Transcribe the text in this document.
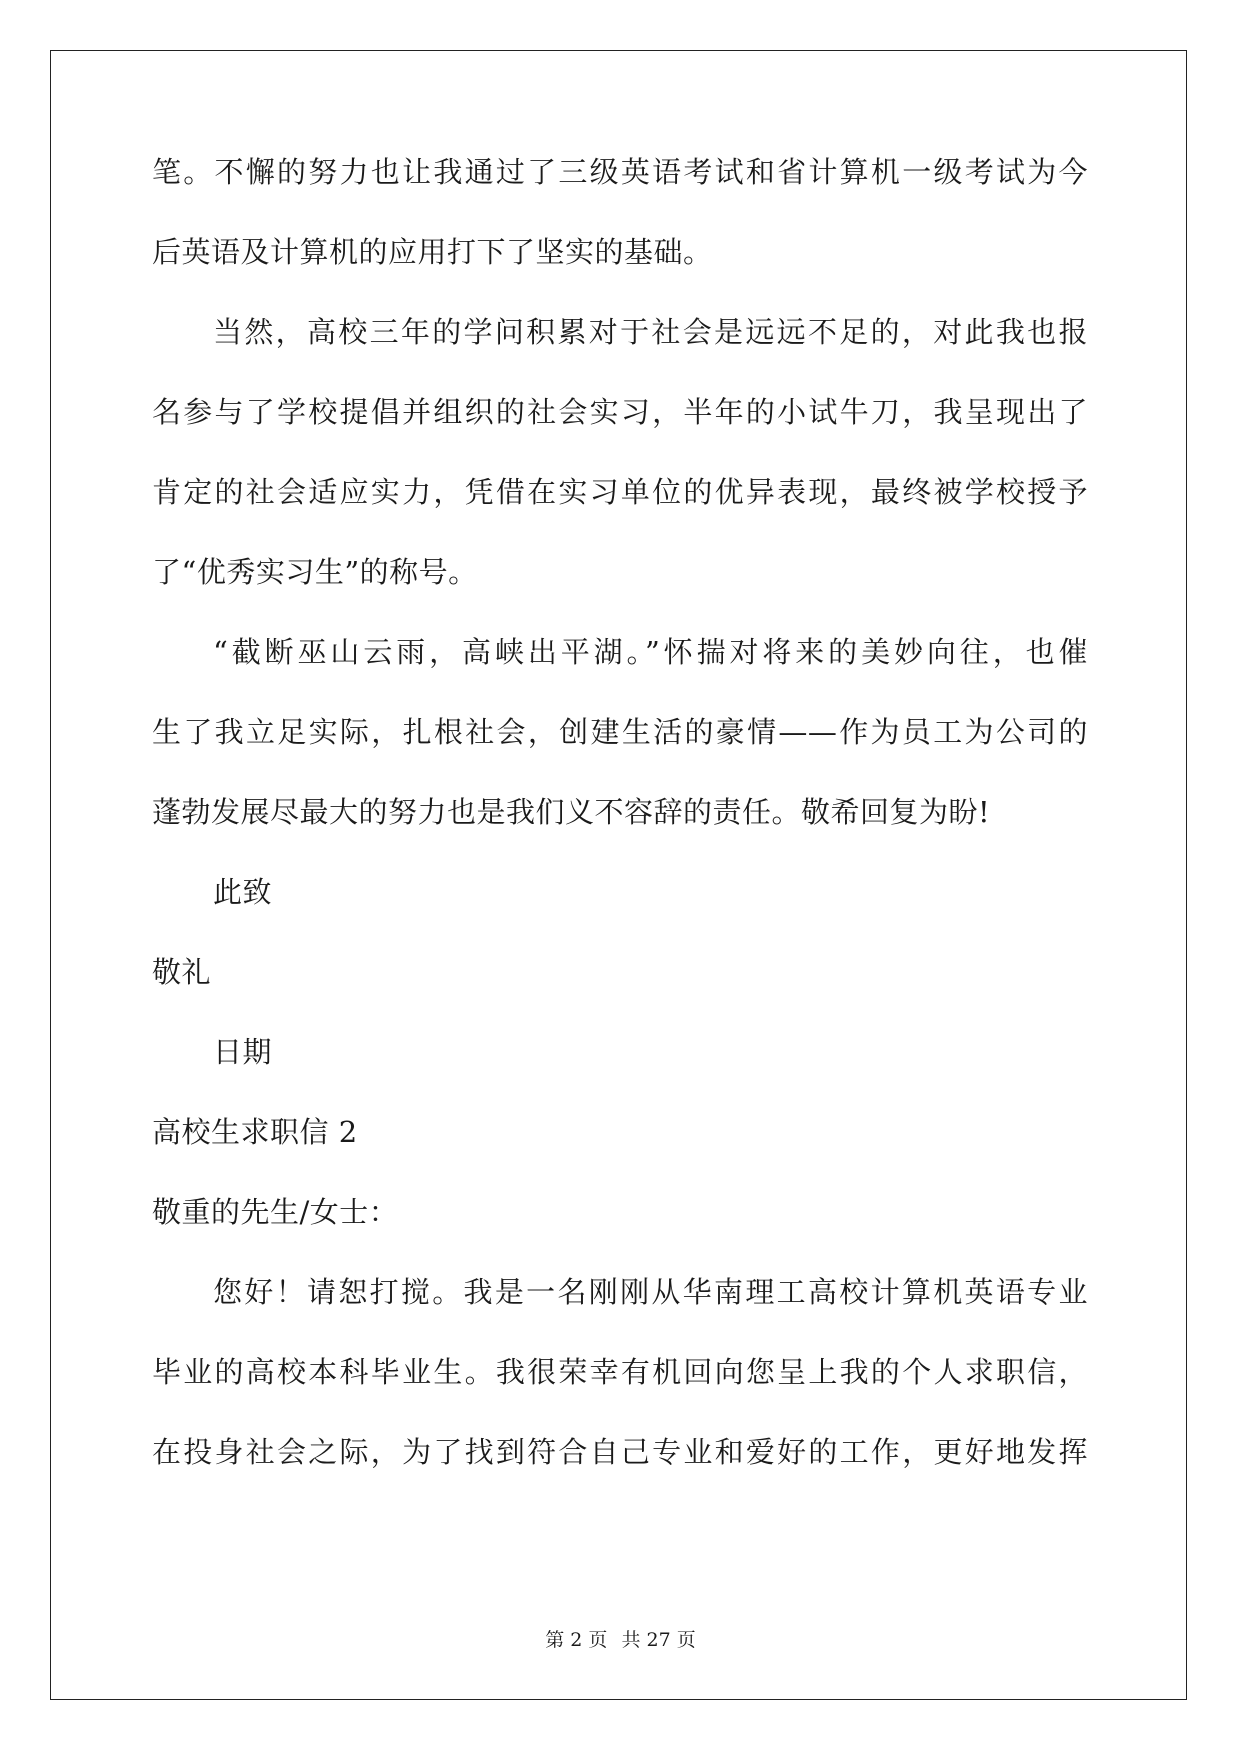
笔。不懈的努力也让我通过了三级英语考试和省计算机一级考试为今
后英语及计算机的应用打下了坚实的基础。
当然，高校三年的学问积累对于社会是远远不足的，对此我也报
名参与了学校提倡并组织的社会实习，半年的小试牛刀，我呈现出了
肯定的社会适应实力，凭借在实习单位的优异表现，最终被学校授予
了“优秀实习生”的称号。
“截断巫山云雨，高峡出平湖。”怀揣对将来的美妙向往，也催
生了我立足实际，扎根社会，创建生活的豪情——作为员工为公司的
蓬勃发展尽最大的努力也是我们义不容辞的责任。敬希回复为盼!
此致
敬礼
日期
高校生求职信 2
敬重的先生/女士：
您好！请恕打搅。我是一名刚刚从华南理工高校计算机英语专业
毕业的高校本科毕业生。我很荣幸有机回向您呈上我的个人求职信，
在投身社会之际，为了找到符合自己专业和爱好的工作，更好地发挥
第 2 页 共 27 页
